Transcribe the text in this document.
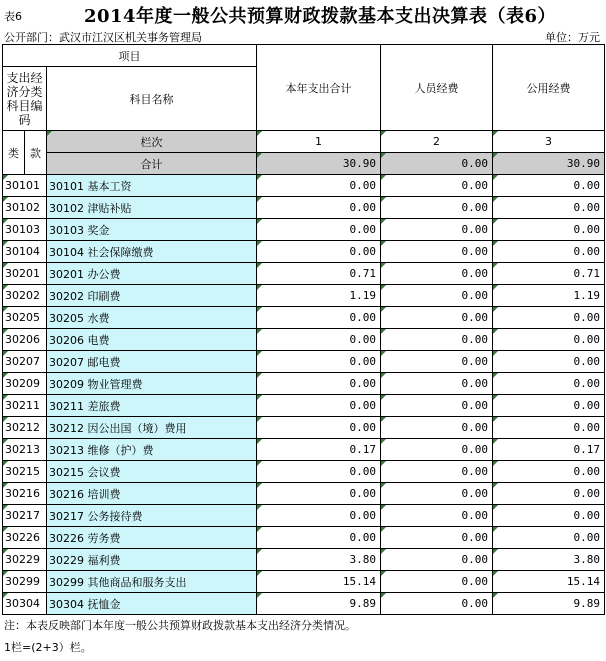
表6	2014年度一般公共预算财政拨款基本支出决算表（表6）
公开部门：武汉市江汉区机关事务管理局	单位：万元
项目			本年支出合计	人员经费	公用经费

支出经济分类科目编码		科目名称			

类	款	栏次	1	2	3
		合计	30.90	0.00	30.90
30101		30101 基本工资	0.00	0.00	0.00
30102		30102 津贴补贴	0.00	0.00	0.00
30103		30103 奖金	0.00	0.00	0.00
30104		30104 社会保障缴费	0.00	0.00	0.00
30201		30201 办公费	0.71	0.00	0.71
30202		30202 印刷费	1.19	0.00	1.19
30205		30205 水费	0.00	0.00	0.00
30206		30206 电费	0.00	0.00	0.00
30207		30207 邮电费	0.00	0.00	0.00
30209		30209 物业管理费	0.00	0.00	0.00
30211		30211 差旅费	0.00	0.00	0.00
30212		30212 因公出国（境）费用	0.00	0.00	0.00
30213		30213 维修（护）费	0.17	0.00	0.17
30215		30215 会议费	0.00	0.00	0.00
30216		30216 培训费	0.00	0.00	0.00
30217		30217 公务接待费	0.00	0.00	0.00
30226		30226 劳务费	0.00	0.00	0.00
30229		30229 福利费	3.80	0.00	3.80
30299		30299 其他商品和服务支出	15.14	0.00	15.14
30304		30304 抚恤金	9.89	0.00	9.89
注：本表反映部门本年度一般公共预算财政拨款基本支出经济分类情况。
1栏=(2+3）栏。
